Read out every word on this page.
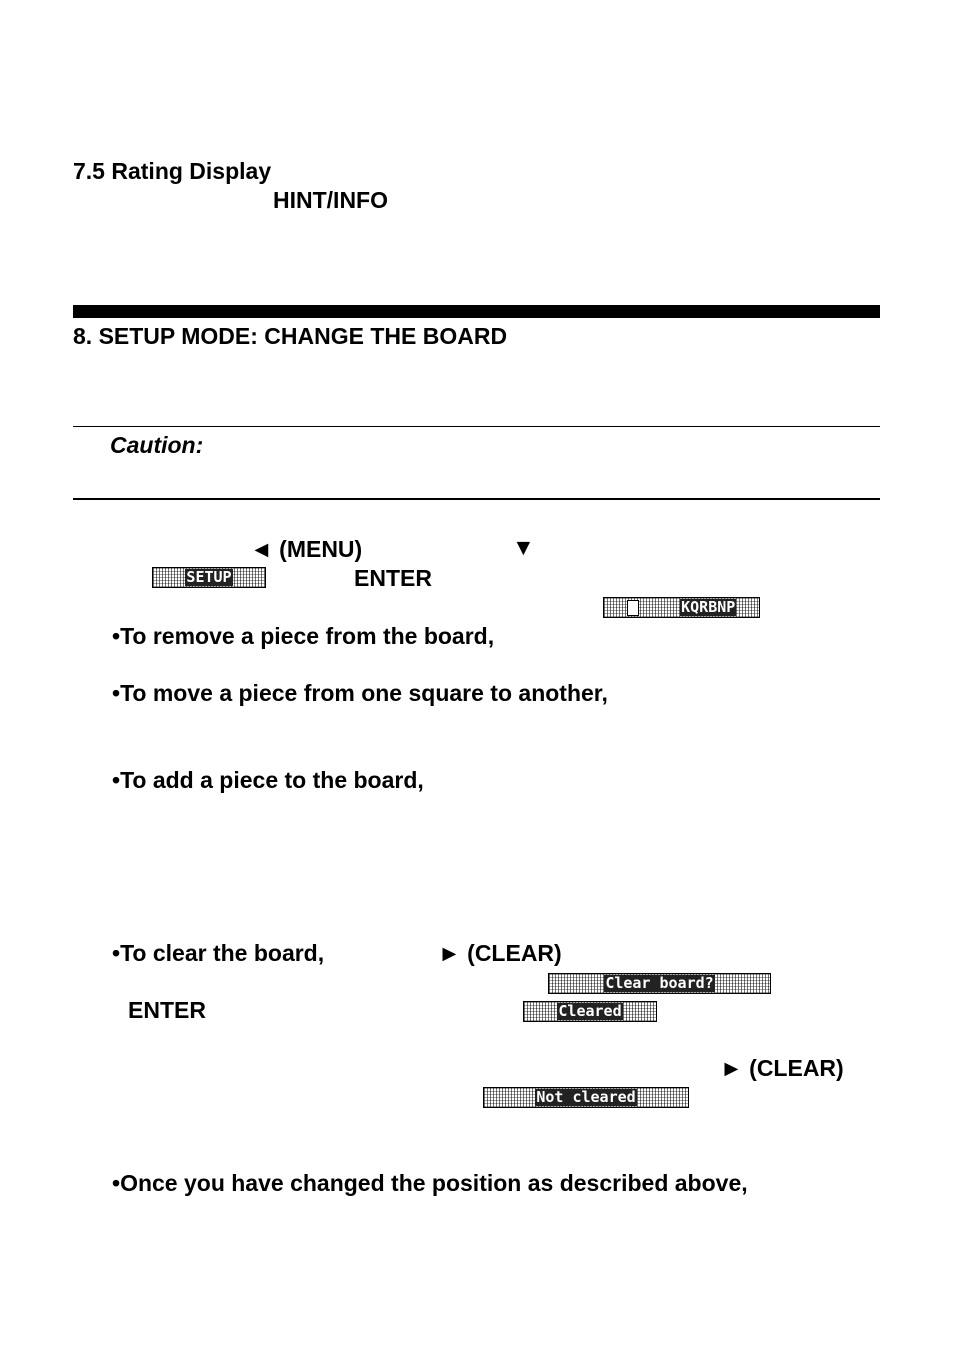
7.5 Rating Display
HINT/INFO
8. SETUP MODE: CHANGE THE BOARD
Caution:
◄ (MENU)	▼
SETUP	ENTER
KQRBNP
•To remove a piece from the board,
•To move a piece from one square to another,
•To add a piece to the board,
•To clear the board,	► (CLEAR)
Clear board?
ENTER	Cleared
► (CLEAR)
Not cleared
•Once you have changed the position as described above,
